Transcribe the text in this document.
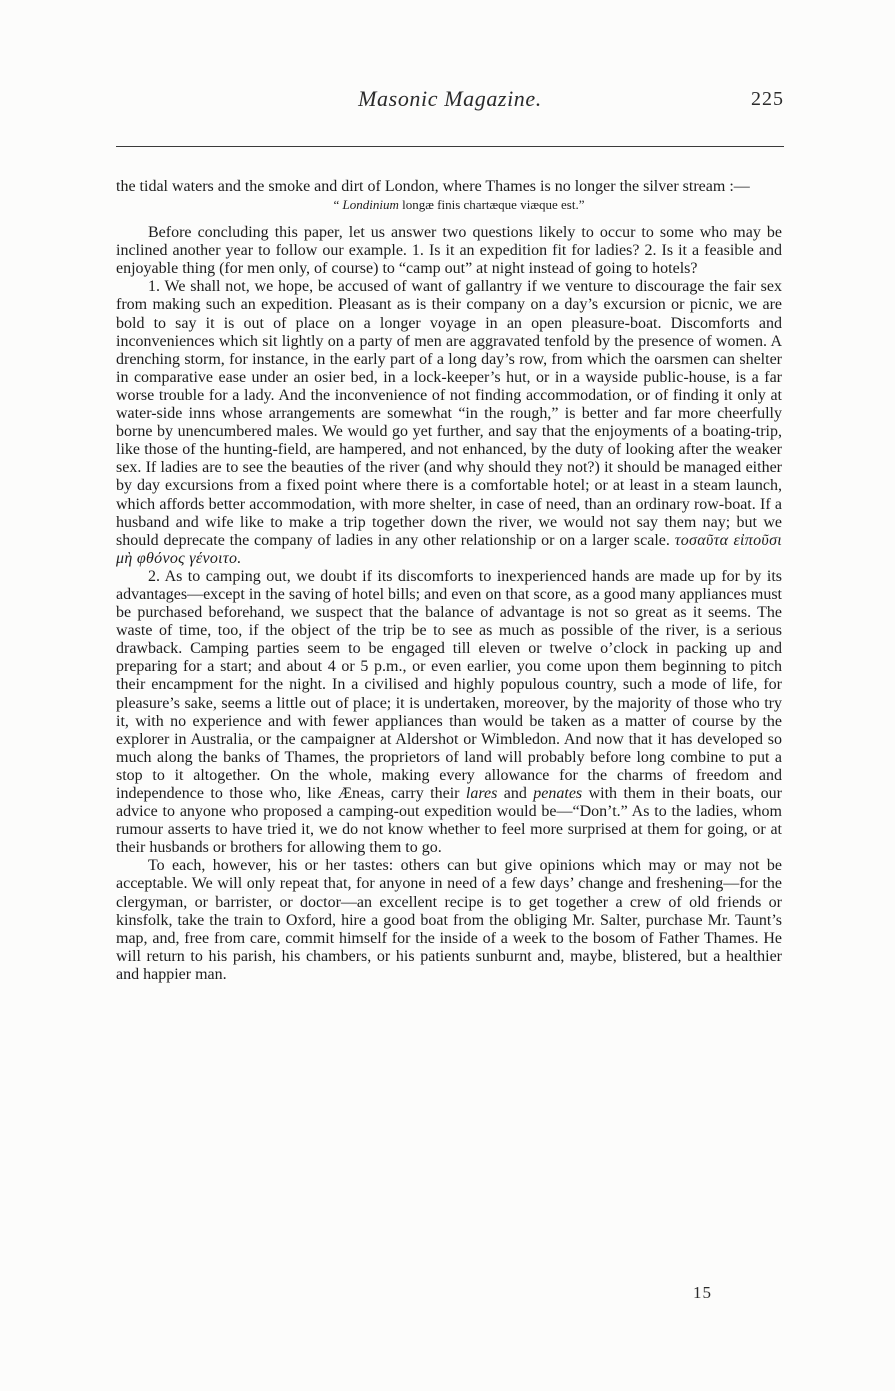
Masonic Magazine.	225

the tidal waters and the smoke and dirt of London, where Thames is no longer the silver stream :—

“ Londinium longæ finis chartæque viæque est.”

Before concluding this paper, let us answer two questions likely to occur to some who may be inclined another year to follow our example. 1. Is it an expedition fit for ladies? 2. Is it a feasible and enjoyable thing (for men only, of course) to “camp out” at night instead of going to hotels?

1. We shall not, we hope, be accused of want of gallantry if we venture to discourage the fair sex from making such an expedition. Pleasant as is their company on a day’s excursion or picnic, we are bold to say it is out of place on a longer voyage in an open pleasure-boat. Discomforts and inconveniences which sit lightly on a party of men are aggravated tenfold by the presence of women. A drenching storm, for instance, in the early part of a long day’s row, from which the oarsmen can shelter in comparative ease under an osier bed, in a lock-keeper’s hut, or in a wayside public-house, is a far worse trouble for a lady. And the inconvenience of not finding accommodation, or of finding it only at water-side inns whose arrangements are somewhat “in the rough,” is better and far more cheerfully borne by unencumbered males. We would go yet further, and say that the enjoyments of a boating-trip, like those of the hunting-field, are hampered, and not enhanced, by the duty of looking after the weaker sex. If ladies are to see the beauties of the river (and why should they not?) it should be managed either by day excursions from a fixed point where there is a comfortable hotel; or at least in a steam launch, which affords better accommodation, with more shelter, in case of need, than an ordinary row-boat. If a husband and wife like to make a trip together down the river, we would not say them nay; but we should deprecate the company of ladies in any other relationship or on a larger scale. τοσαῦτα εἰποῦσι μὴ φθόνος γένοιτο.

2. As to camping out, we doubt if its discomforts to inexperienced hands are made up for by its advantages—except in the saving of hotel bills; and even on that score, as a good many appliances must be purchased beforehand, we suspect that the balance of advantage is not so great as it seems. The waste of time, too, if the object of the trip be to see as much as possible of the river, is a serious drawback. Camping parties seem to be engaged till eleven or twelve o’clock in packing up and preparing for a start; and about 4 or 5 p.m., or even earlier, you come upon them beginning to pitch their encampment for the night. In a civilised and highly populous country, such a mode of life, for pleasure’s sake, seems a little out of place; it is undertaken, moreover, by the majority of those who try it, with no experience and with fewer appliances than would be taken as a matter of course by the explorer in Australia, or the campaigner at Aldershot or Wimbledon. And now that it has developed so much along the banks of Thames, the proprietors of land will probably before long combine to put a stop to it altogether. On the whole, making every allowance for the charms of freedom and independence to those who, like Æneas, carry their lares and penates with them in their boats, our advice to anyone who proposed a camping-out expedition would be—“Don’t.” As to the ladies, whom rumour asserts to have tried it, we do not know whether to feel more surprised at them for going, or at their husbands or brothers for allowing them to go.

To each, however, his or her tastes: others can but give opinions which may or may not be acceptable. We will only repeat that, for anyone in need of a few days’ change and freshening—for the clergyman, or barrister, or doctor—an excellent recipe is to get together a crew of old friends or kinsfolk, take the train to Oxford, hire a good boat from the obliging Mr. Salter, purchase Mr. Taunt’s map, and, free from care, commit himself for the inside of a week to the bosom of Father Thames. He will return to his parish, his chambers, or his patients sunburnt and, maybe, blistered, but a healthier and happier man.

15
